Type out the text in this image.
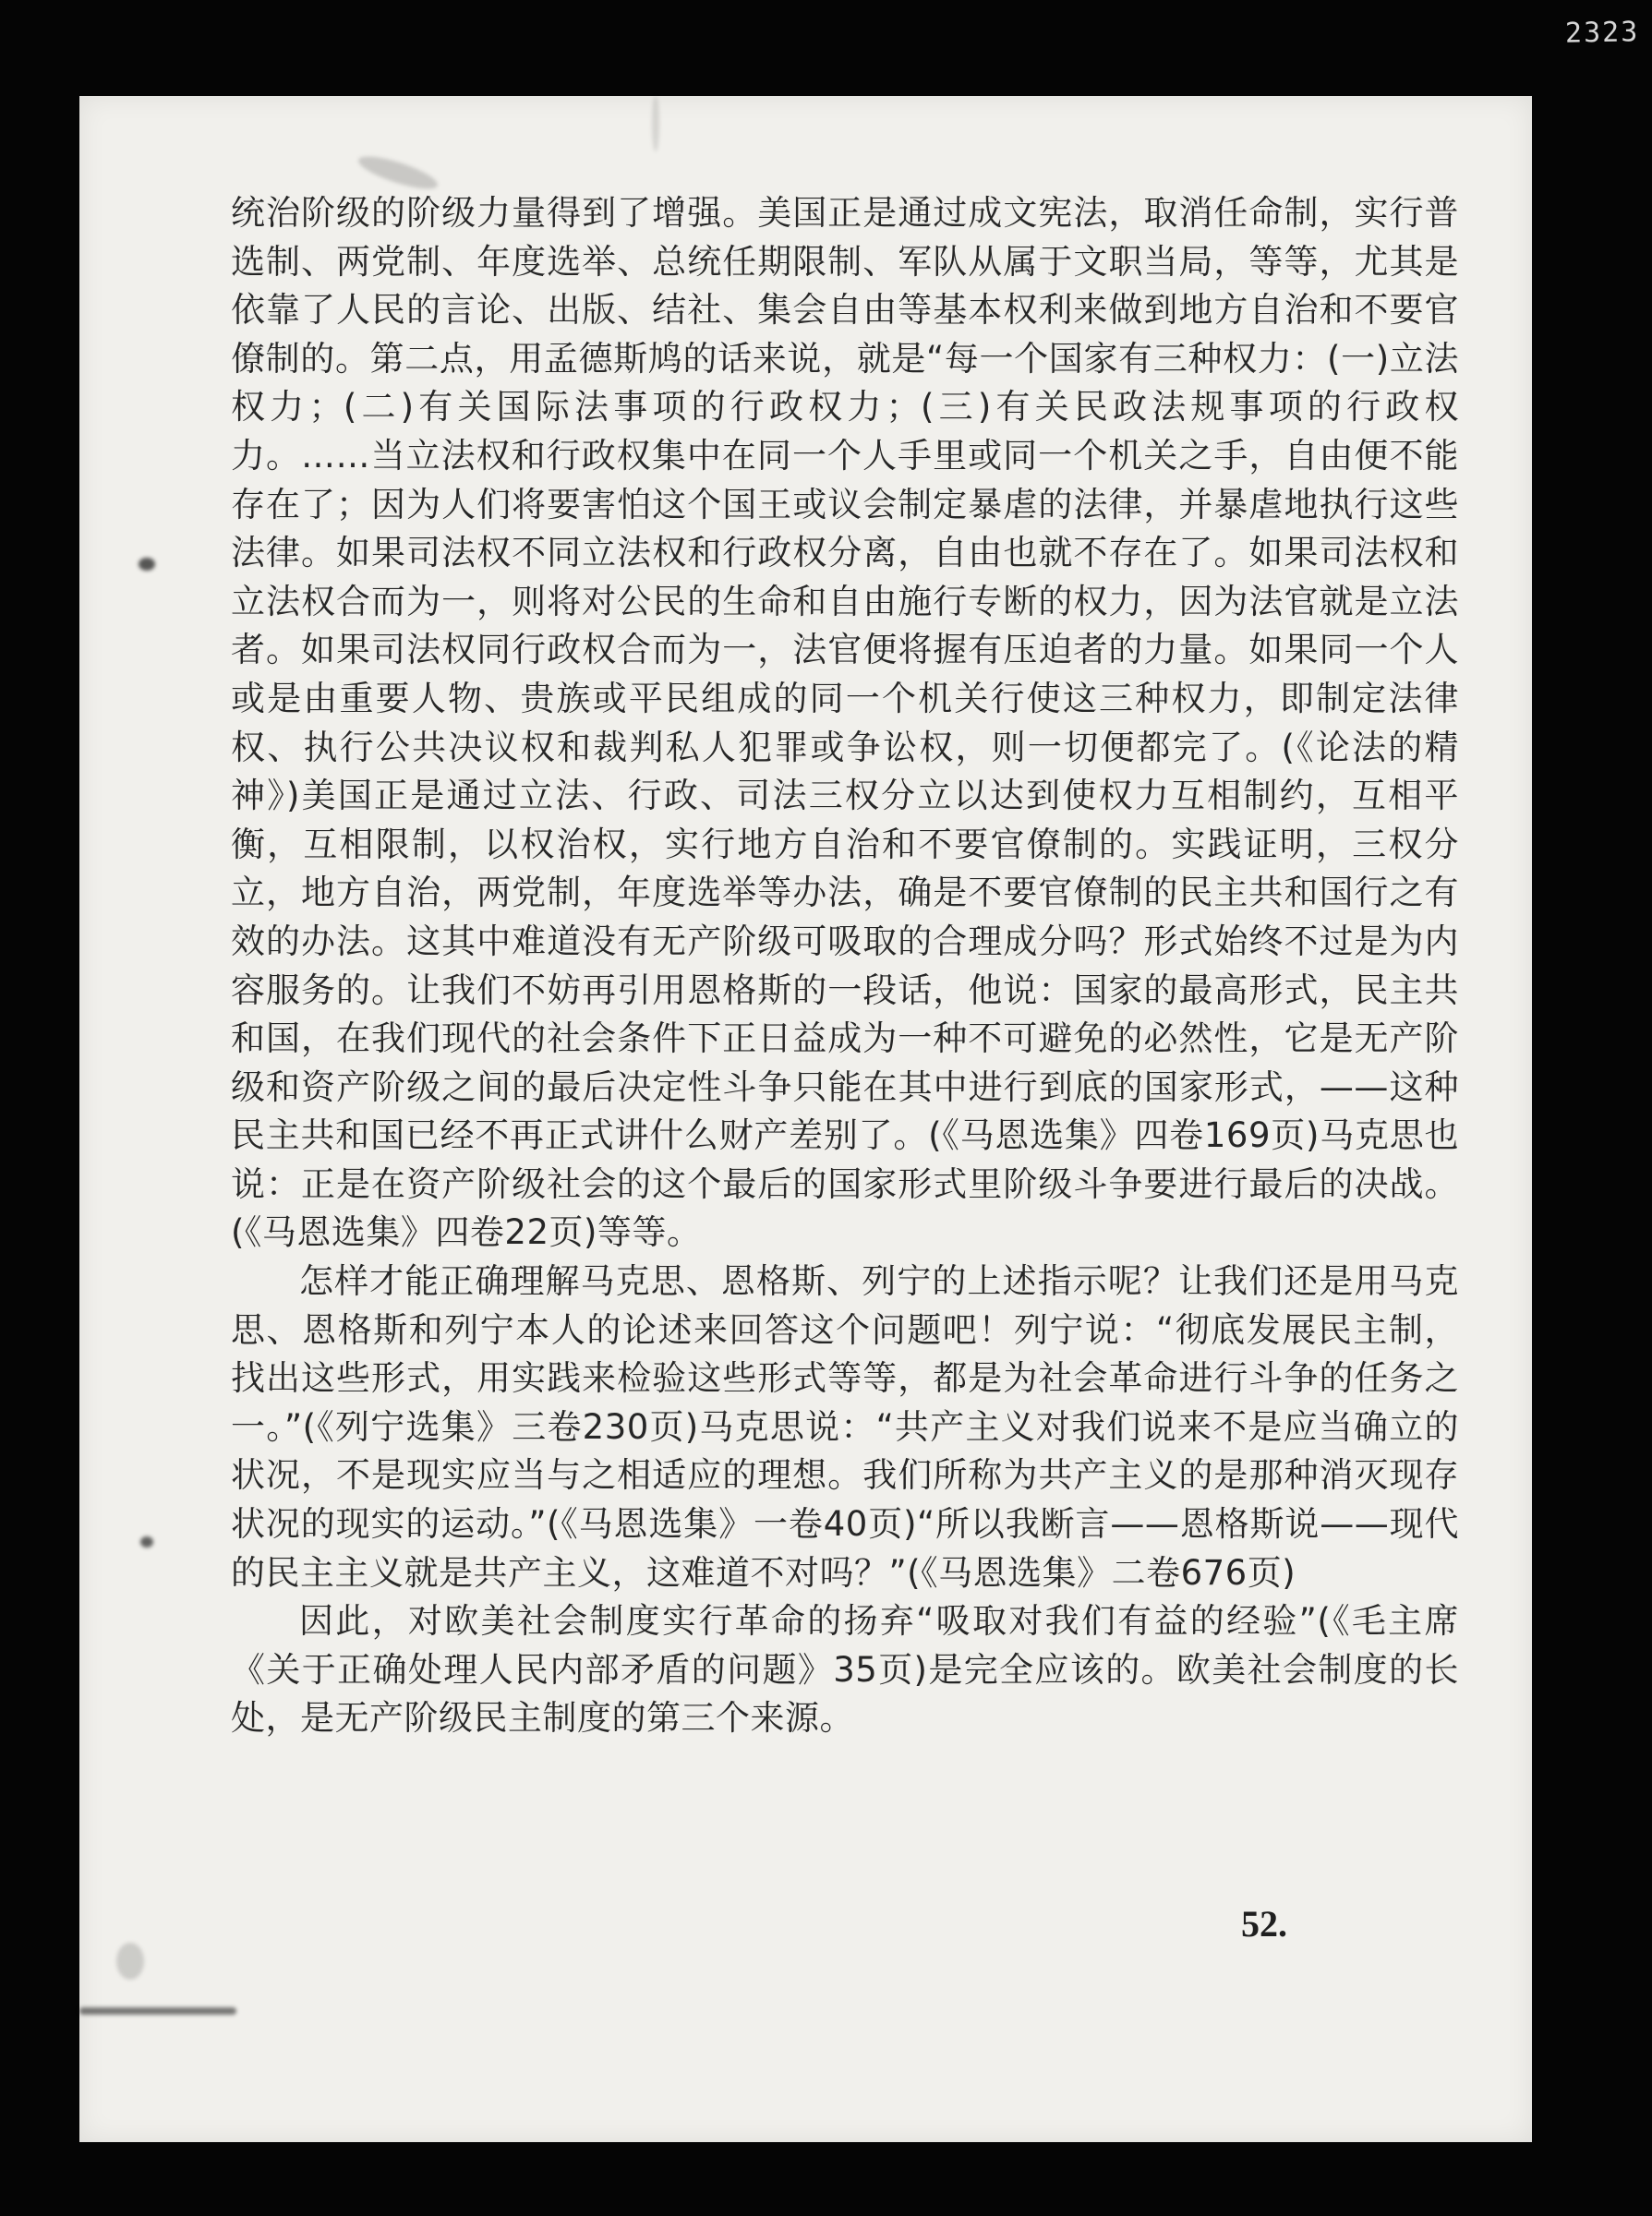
2323

统治阶级的阶级力量得到了增强。美国正是通过成文宪法，取消任命制，实行普选制、两党制、年度选举、总统任期限制、军队从属于文职当局，等等，尤其是依靠了人民的言论、出版、结社、集会自由等基本权利来做到地方自治和不要官僚制的。第二点，用孟德斯鸠的话来说，就是“每一个国家有三种权力：(一)立法权力；(二)有关国际法事项的行政权力；(三)有关民政法规事项的行政权力。……当立法权和行政权集中在同一个人手里或同一个机关之手，自由便不能存在了；因为人们将要害怕这个国王或议会制定暴虐的法律，并暴虐地执行这些法律。如果司法权不同立法权和行政权分离，自由也就不存在了。如果司法权和立法权合而为一，则将对公民的生命和自由施行专断的权力，因为法官就是立法者。如果司法权同行政权合而为一，法官便将握有压迫者的力量。如果同一个人或是由重要人物、贵族或平民组成的同一个机关行使这三种权力，即制定法律权、执行公共决议权和裁判私人犯罪或争讼权，则一切便都完了。(《论法的精神》)美国正是通过立法、行政、司法三权分立以达到使权力互相制约，互相平衡，互相限制，以权治权，实行地方自治和不要官僚制的。实践证明，三权分立，地方自治，两党制，年度选举等办法，确是不要官僚制的民主共和国行之有效的办法。这其中难道没有无产阶级可吸取的合理成分吗？形式始终不过是为内容服务的。让我们不妨再引用恩格斯的一段话，他说：国家的最高形式，民主共和国，在我们现代的社会条件下正日益成为一种不可避免的必然性，它是无产阶级和资产阶级之间的最后决定性斗争只能在其中进行到底的国家形式，——这种民主共和国已经不再正式讲什么财产差别了。(《马恩选集》四卷169页)马克思也说：正是在资产阶级社会的这个最后的国家形式里阶级斗争要进行最后的决战。(《马恩选集》四卷22页)等等。

怎样才能正确理解马克思、恩格斯、列宁的上述指示呢？让我们还是用马克思、恩格斯和列宁本人的论述来回答这个问题吧！列宁说：“彻底发展民主制，找出这些形式，用实践来检验这些形式等等，都是为社会革命进行斗争的任务之一。”(《列宁选集》三卷230页)马克思说：“共产主义对我们说来不是应当确立的状况，不是现实应当与之相适应的理想。我们所称为共产主义的是那种消灭现存状况的现实的运动。”(《马恩选集》一卷40页)“所以我断言——恩格斯说——现代的民主主义就是共产主义，这难道不对吗？”(《马恩选集》二卷676页)

因此，对欧美社会制度实行革命的扬弃“吸取对我们有益的经验”(《毛主席《关于正确处理人民内部矛盾的问题》35页)是完全应该的。欧美社会制度的长处，是无产阶级民主制度的第三个来源。

52.
